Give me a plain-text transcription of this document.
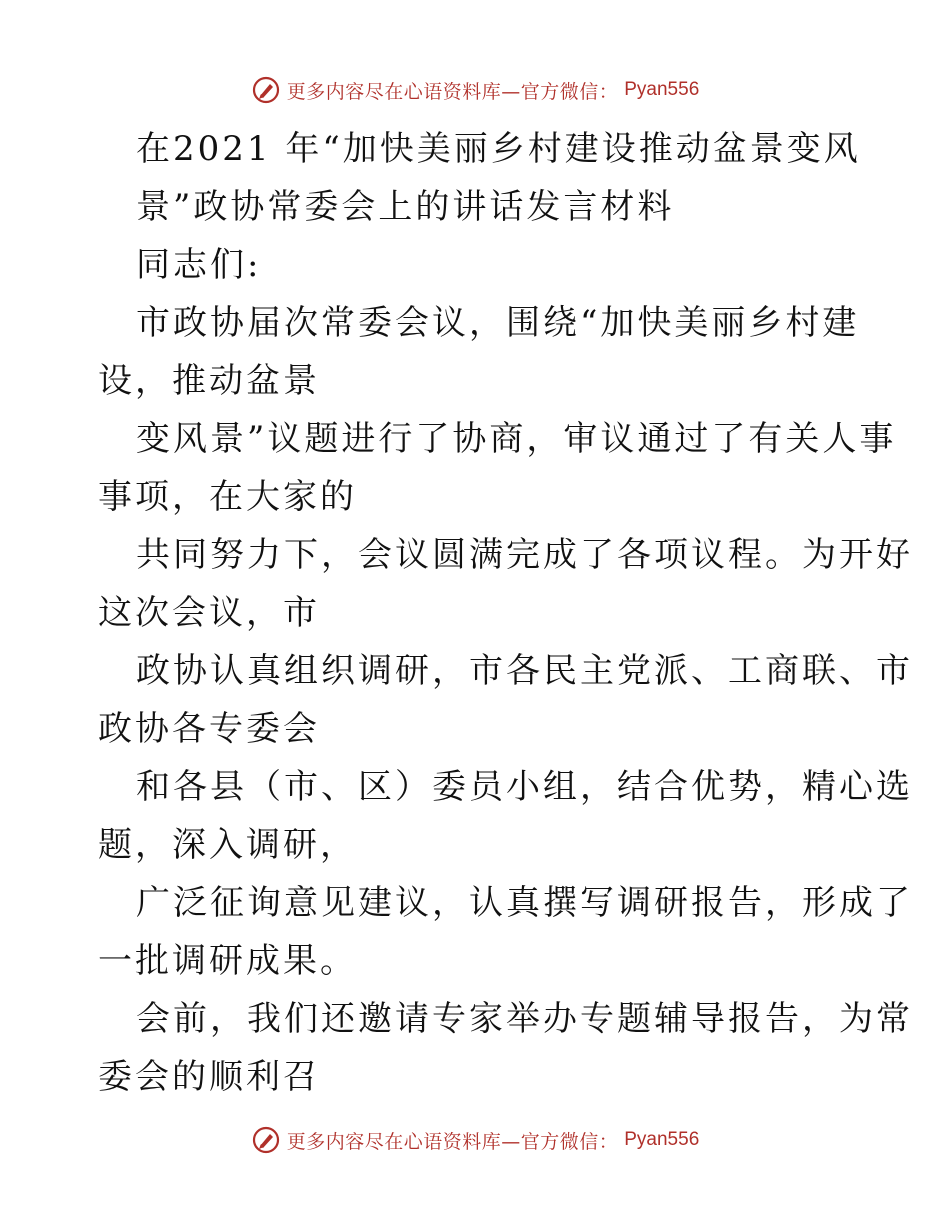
更多内容尽在心语资料库—官方微信： Pyan556
在2021 年“加快美丽乡村建设推动盆景变风
景”政协常委会上的讲话发言材料
同志们:
市政协届次常委会议，围绕“加快美丽乡村建
设，推动盆景
变风景”议题进行了协商，审议通过了有关人事
事项，在大家的
共同努力下，会议圆满完成了各项议程。为开好
这次会议，市
政协认真组织调研，市各民主党派、工商联、市
政协各专委会
和各县（市、区）委员小组，结合优势，精心选
题，深入调研，
广泛征询意见建议，认真撰写调研报告，形成了
一批调研成果。
会前，我们还邀请专家举办专题辅导报告，为常
委会的顺利召
更多内容尽在心语资料库—官方微信： Pyan556
